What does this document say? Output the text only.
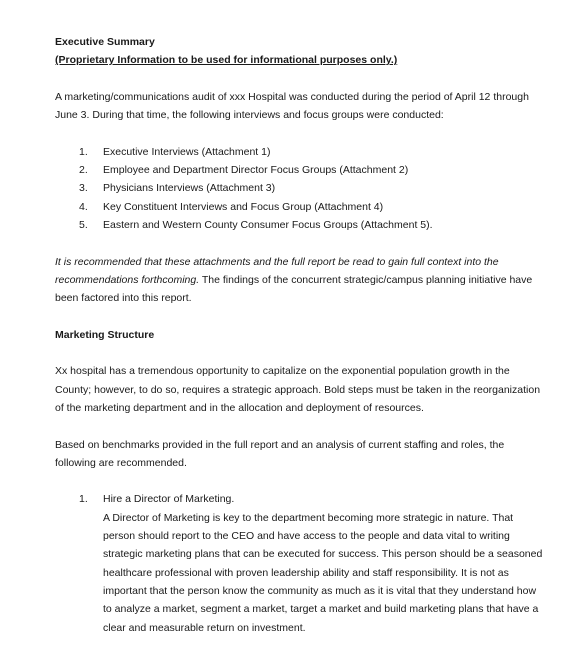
Executive Summary

(Proprietary Information to be used for informational purposes only.)

A marketing/communications audit of xxx Hospital was conducted during the period of April 12 through June 3. During that time, the following interviews and focus groups were conducted:

1.	Executive Interviews (Attachment 1)
2.	Employee and Department Director Focus Groups (Attachment 2)
3.	Physicians Interviews (Attachment 3)
4.	Key Constituent Interviews and Focus Group (Attachment 4)
5.	Eastern and Western County Consumer Focus Groups (Attachment 5).

It is recommended that these attachments and the full report be read to gain full context into the recommendations forthcoming. The findings of the concurrent strategic/campus planning initiative have been factored into this report.

Marketing Structure

Xx hospital has a tremendous opportunity to capitalize on the exponential population growth in the County; however, to do so, requires a strategic approach. Bold steps must be taken in the reorganization of the marketing department and in the allocation and deployment of resources.

Based on benchmarks provided in the full report and an analysis of current staffing and roles, the following are recommended.

1.	Hire a Director of Marketing.

A Director of Marketing is key to the department becoming more strategic in nature. That person should report to the CEO and have access to the people and data vital to writing strategic marketing plans that can be executed for success. This person should be a seasoned healthcare professional with proven leadership ability and staff responsibility. It is not as important that the person know the community as much as it is vital that they understand how to analyze a market, segment a market, target a market and build marketing plans that have a clear and measurable return on investment.
